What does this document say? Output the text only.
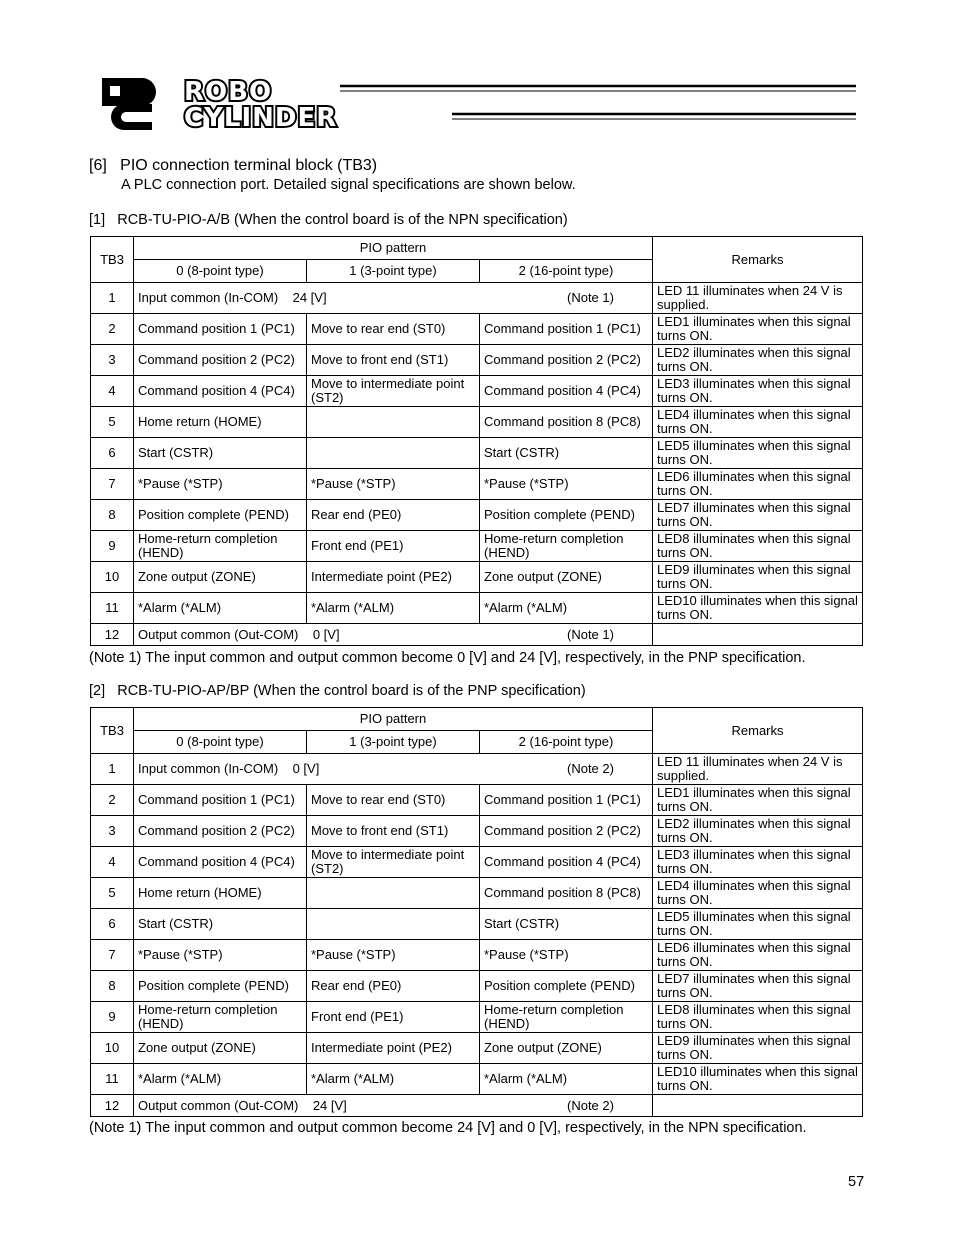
ROBO
CYLINDER
[6] PIO connection terminal block (TB3)
A PLC connection port. Detailed signal specifications are shown below.
[1] RCB-TU-PIO-A/B (When the control board is of the NPN specification)
TB3	PIO pattern			Remarks
	0 (8-point type)	1 (3-point type)	2 (16-point type)	
1	Input common (In-COM)    24 [V] (Note 1)			LED 11 illuminates when 24 V is supplied.
2	Command position 1 (PC1)	Move to rear end (ST0)	Command position 1 (PC1)	LED1 illuminates when this signal turns ON.
3	Command position 2 (PC2)	Move to front end (ST1)	Command position 2 (PC2)	LED2 illuminates when this signal turns ON.
4	Command position 4 (PC4)	Move to intermediate point (ST2)	Command position 4 (PC4)	LED3 illuminates when this signal turns ON.
5	Home return (HOME)		Command position 8 (PC8)	LED4 illuminates when this signal turns ON.
6	Start (CSTR)		Start (CSTR)	LED5 illuminates when this signal turns ON.
7	*Pause (*STP)	*Pause (*STP)	*Pause (*STP)	LED6 illuminates when this signal turns ON.
8	Position complete (PEND)	Rear end (PE0)	Position complete (PEND)	LED7 illuminates when this signal turns ON.
9	Home-return completion (HEND)	Front end (PE1)	Home-return completion (HEND)	LED8 illuminates when this signal turns ON.
10	Zone output (ZONE)	Intermediate point (PE2)	Zone output (ZONE)	LED9 illuminates when this signal turns ON.
11	*Alarm (*ALM)	*Alarm (*ALM)	*Alarm (*ALM)	LED10 illuminates when this signal turns ON.
12	Output common (Out-COM)    0 [V] (Note 1)			

(Note 1) The input common and output common become 0 [V] and 24 [V], respectively, in the PNP specification.
[2] RCB-TU-PIO-AP/BP (When the control board is of the PNP specification)
TB3	PIO pattern			Remarks
	0 (8-point type)	1 (3-point type)	2 (16-point type)	
1	Input common (In-COM)    0 [V] (Note 2)			LED 11 illuminates when 24 V is supplied.
2	Command position 1 (PC1)	Move to rear end (ST0)	Command position 1 (PC1)	LED1 illuminates when this signal turns ON.
3	Command position 2 (PC2)	Move to front end (ST1)	Command position 2 (PC2)	LED2 illuminates when this signal turns ON.
4	Command position 4 (PC4)	Move to intermediate point (ST2)	Command position 4 (PC4)	LED3 illuminates when this signal turns ON.
5	Home return (HOME)		Command position 8 (PC8)	LED4 illuminates when this signal turns ON.
6	Start (CSTR)		Start (CSTR)	LED5 illuminates when this signal turns ON.
7	*Pause (*STP)	*Pause (*STP)	*Pause (*STP)	LED6 illuminates when this signal turns ON.
8	Position complete (PEND)	Rear end (PE0)	Position complete (PEND)	LED7 illuminates when this signal turns ON.
9	Home-return completion (HEND)	Front end (PE1)	Home-return completion (HEND)	LED8 illuminates when this signal turns ON.
10	Zone output (ZONE)	Intermediate point (PE2)	Zone output (ZONE)	LED9 illuminates when this signal turns ON.
11	*Alarm (*ALM)	*Alarm (*ALM)	*Alarm (*ALM)	LED10 illuminates when this signal turns ON.
12	Output common (Out-COM)    24 [V] (Note 2)			

(Note 1) The input common and output common become 24 [V] and 0 [V], respectively, in the NPN specification.
57
